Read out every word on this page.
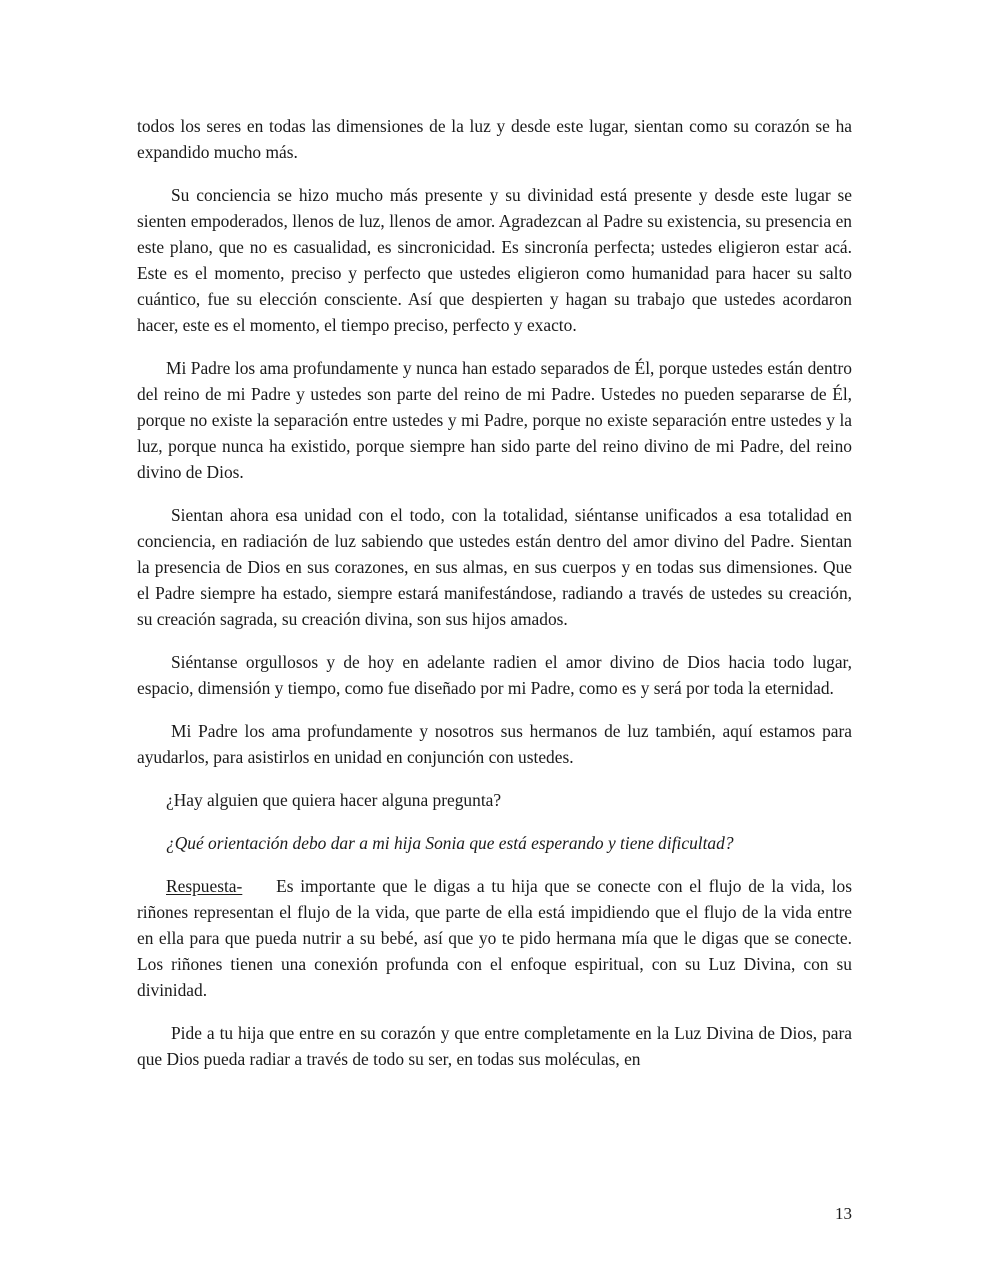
todos los seres en todas las dimensiones de la luz y desde este lugar, sientan como su corazón se ha expandido mucho más.

Su conciencia se hizo mucho más presente y su divinidad está presente y desde este lugar se sienten empoderados, llenos de luz, llenos de amor. Agradezcan al Padre su existencia, su presencia en este plano, que no es casualidad, es sincronicidad. Es sincronía perfecta; ustedes eligieron estar acá. Este es el momento, preciso y perfecto que ustedes eligieron como humanidad para hacer su salto cuántico, fue su elección consciente. Así que despierten y hagan su trabajo que ustedes acordaron hacer, este es el momento, el tiempo preciso, perfecto y exacto.

Mi Padre los ama profundamente y nunca han estado separados de Él, porque ustedes están dentro del reino de mi Padre y ustedes son parte del reino de mi Padre. Ustedes no pueden separarse de Él, porque no existe la separación entre ustedes y mi Padre, porque no existe separación entre ustedes y la luz, porque nunca ha existido, porque siempre han sido parte del reino divino de mi Padre, del reino divino de Dios.

Sientan ahora esa unidad con el todo, con la totalidad, siéntanse unificados a esa totalidad en conciencia, en radiación de luz sabiendo que ustedes están dentro del amor divino del Padre. Sientan la presencia de Dios en sus corazones, en sus almas, en sus cuerpos y en todas sus dimensiones. Que el Padre siempre ha estado, siempre estará manifestándose, radiando a través de ustedes su creación, su creación sagrada, su creación divina, son sus hijos amados.

Siéntanse orgullosos y de hoy en adelante radien el amor divino de Dios hacia todo lugar, espacio, dimensión y tiempo, como fue diseñado por mi Padre, como es y será por toda la eternidad.

Mi Padre los ama profundamente y nosotros sus hermanos de luz también, aquí estamos para ayudarlos, para asistirlos en unidad en conjunción con ustedes.

¿Hay alguien que quiera hacer alguna pregunta?

¿Qué orientación debo dar a mi hija Sonia que está esperando y tiene dificultad?

Respuesta- Es importante que le digas a tu hija que se conecte con el flujo de la vida, los riñones representan el flujo de la vida, que parte de ella está impidiendo que el flujo de la vida entre en ella para que pueda nutrir a su bebé, así que yo te pido hermana mía que le digas que se conecte. Los riñones tienen una conexión profunda con el enfoque espiritual, con su Luz Divina, con su divinidad.

Pide a tu hija que entre en su corazón y que entre completamente en la Luz Divina de Dios, para que Dios pueda radiar a través de todo su ser, en todas sus moléculas, en

13
